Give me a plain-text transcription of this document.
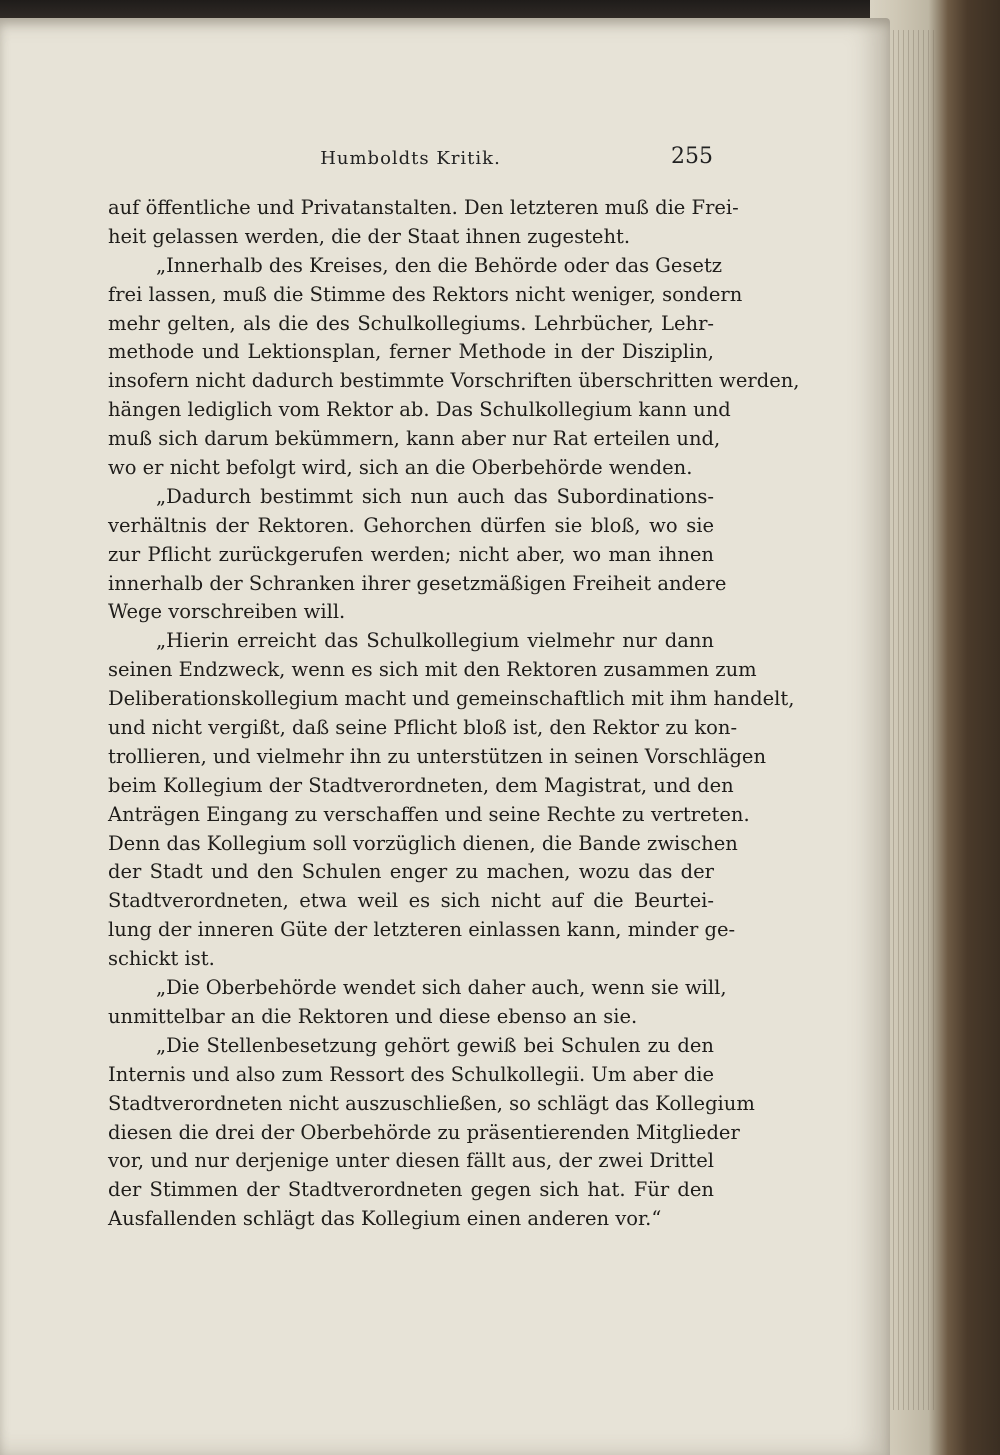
Humboldts Kritik.	255
auf öffentliche und Privatanstalten. Den letzteren muß die Frei-
heit gelassen werden, die der Staat ihnen zugesteht.
„Innerhalb des Kreises, den die Behörde oder das Gesetz
frei lassen, muß die Stimme des Rektors nicht weniger, sondern
mehr gelten, als die des Schulkollegiums. Lehrbücher, Lehr-
methode und Lektionsplan, ferner Methode in der Disziplin,
insofern nicht dadurch bestimmte Vorschriften überschritten werden,
hängen lediglich vom Rektor ab. Das Schulkollegium kann und
muß sich darum bekümmern, kann aber nur Rat erteilen und,
wo er nicht befolgt wird, sich an die Oberbehörde wenden.
„Dadurch bestimmt sich nun auch das Subordinations-
verhältnis der Rektoren. Gehorchen dürfen sie bloß, wo sie
zur Pflicht zurückgerufen werden; nicht aber, wo man ihnen
innerhalb der Schranken ihrer gesetzmäßigen Freiheit andere
Wege vorschreiben will.
„Hierin erreicht das Schulkollegium vielmehr nur dann
seinen Endzweck, wenn es sich mit den Rektoren zusammen zum
Deliberationskollegium macht und gemeinschaftlich mit ihm handelt,
und nicht vergißt, daß seine Pflicht bloß ist, den Rektor zu kon-
trollieren, und vielmehr ihn zu unterstützen in seinen Vorschlägen
beim Kollegium der Stadtverordneten, dem Magistrat, und den
Anträgen Eingang zu verschaffen und seine Rechte zu vertreten.
Denn das Kollegium soll vorzüglich dienen, die Bande zwischen
der Stadt und den Schulen enger zu machen, wozu das der
Stadtverordneten, etwa weil es sich nicht auf die Beurtei-
lung der inneren Güte der letzteren einlassen kann, minder ge-
schickt ist.
„Die Oberbehörde wendet sich daher auch, wenn sie will,
unmittelbar an die Rektoren und diese ebenso an sie.
„Die Stellenbesetzung gehört gewiß bei Schulen zu den
Internis und also zum Ressort des Schulkollegii. Um aber die
Stadtverordneten nicht auszuschließen, so schlägt das Kollegium
diesen die drei der Oberbehörde zu präsentierenden Mitglieder
vor, und nur derjenige unter diesen fällt aus, der zwei Drittel
der Stimmen der Stadtverordneten gegen sich hat. Für den
Ausfallenden schlägt das Kollegium einen anderen vor.“
